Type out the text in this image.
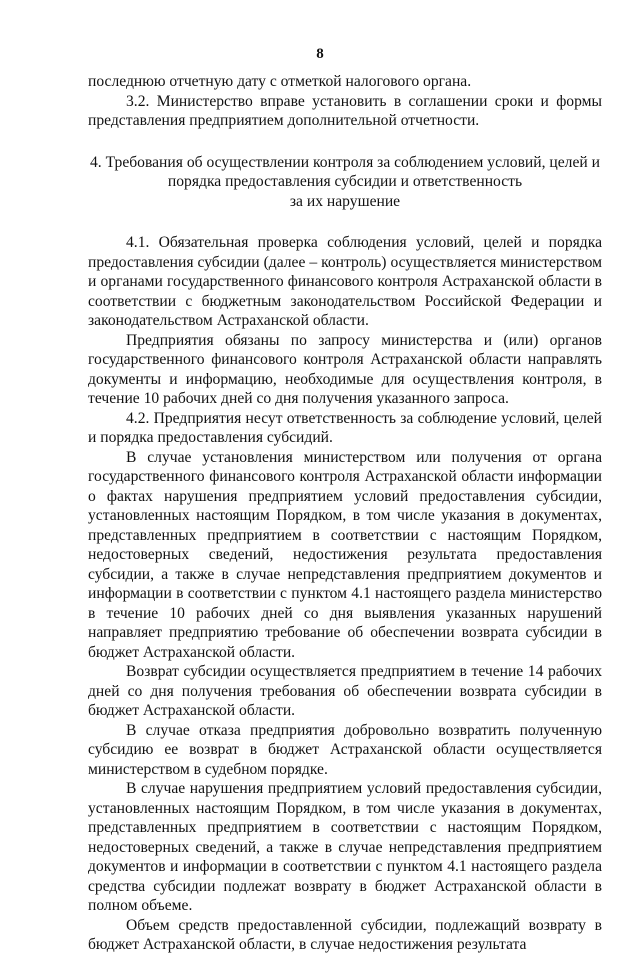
8

последнюю отчетную дату с отметкой налогового органа.

3.2. Министерство вправе установить в соглашении сроки и формы представления предприятием дополнительной отчетности.

4. Требования об осуществлении контроля за соблюдением условий, целей и
порядка предоставления субсидии и ответственность
за их нарушение

4.1. Обязательная проверка соблюдения условий, целей и порядка предоставления субсидии (далее – контроль) осуществляется министерством и органами государственного финансового контроля Астраханской области в соответствии с бюджетным законодательством Российской Федерации и законодательством Астраханской области.

Предприятия обязаны по запросу министерства и (или) органов государственного финансового контроля Астраханской области направлять документы и информацию, необходимые для осуществления контроля, в течение 10 рабочих дней со дня получения указанного запроса.

4.2. Предприятия несут ответственность за соблюдение условий, целей и порядка предоставления субсидий.

В случае установления министерством или получения от органа государственного финансового контроля Астраханской области информации о фактах нарушения предприятием условий предоставления субсидии, установленных настоящим Порядком, в том числе указания в документах, представленных предприятием в соответствии с настоящим Порядком, недостоверных сведений, недостижения результата предоставления субсидии, а также в случае непредставления предприятием документов и информации в соответствии с пунктом 4.1 настоящего раздела министерство в течение 10 рабочих дней со дня выявления указанных нарушений направляет предприятию требование об обеспечении возврата субсидии в бюджет Астраханской области.

Возврат субсидии осуществляется предприятием в течение 14 рабочих дней со дня получения требования об обеспечении возврата субсидии в бюджет Астраханской области.

В случае отказа предприятия добровольно возвратить полученную субсидию ее возврат в бюджет Астраханской области осуществляется министерством в судебном порядке.

В случае нарушения предприятием условий предоставления субсидии, установленных настоящим Порядком, в том числе указания в документах, представленных предприятием в соответствии с настоящим Порядком, недостоверных сведений, а также в случае непредставления предприятием документов и информации в соответствии с пунктом 4.1 настоящего раздела средства субсидии подлежат возврату в бюджет Астраханской области в полном объеме.

Объем средств предоставленной субсидии, подлежащий возврату в бюджет Астраханской области, в случае недостижения результата
